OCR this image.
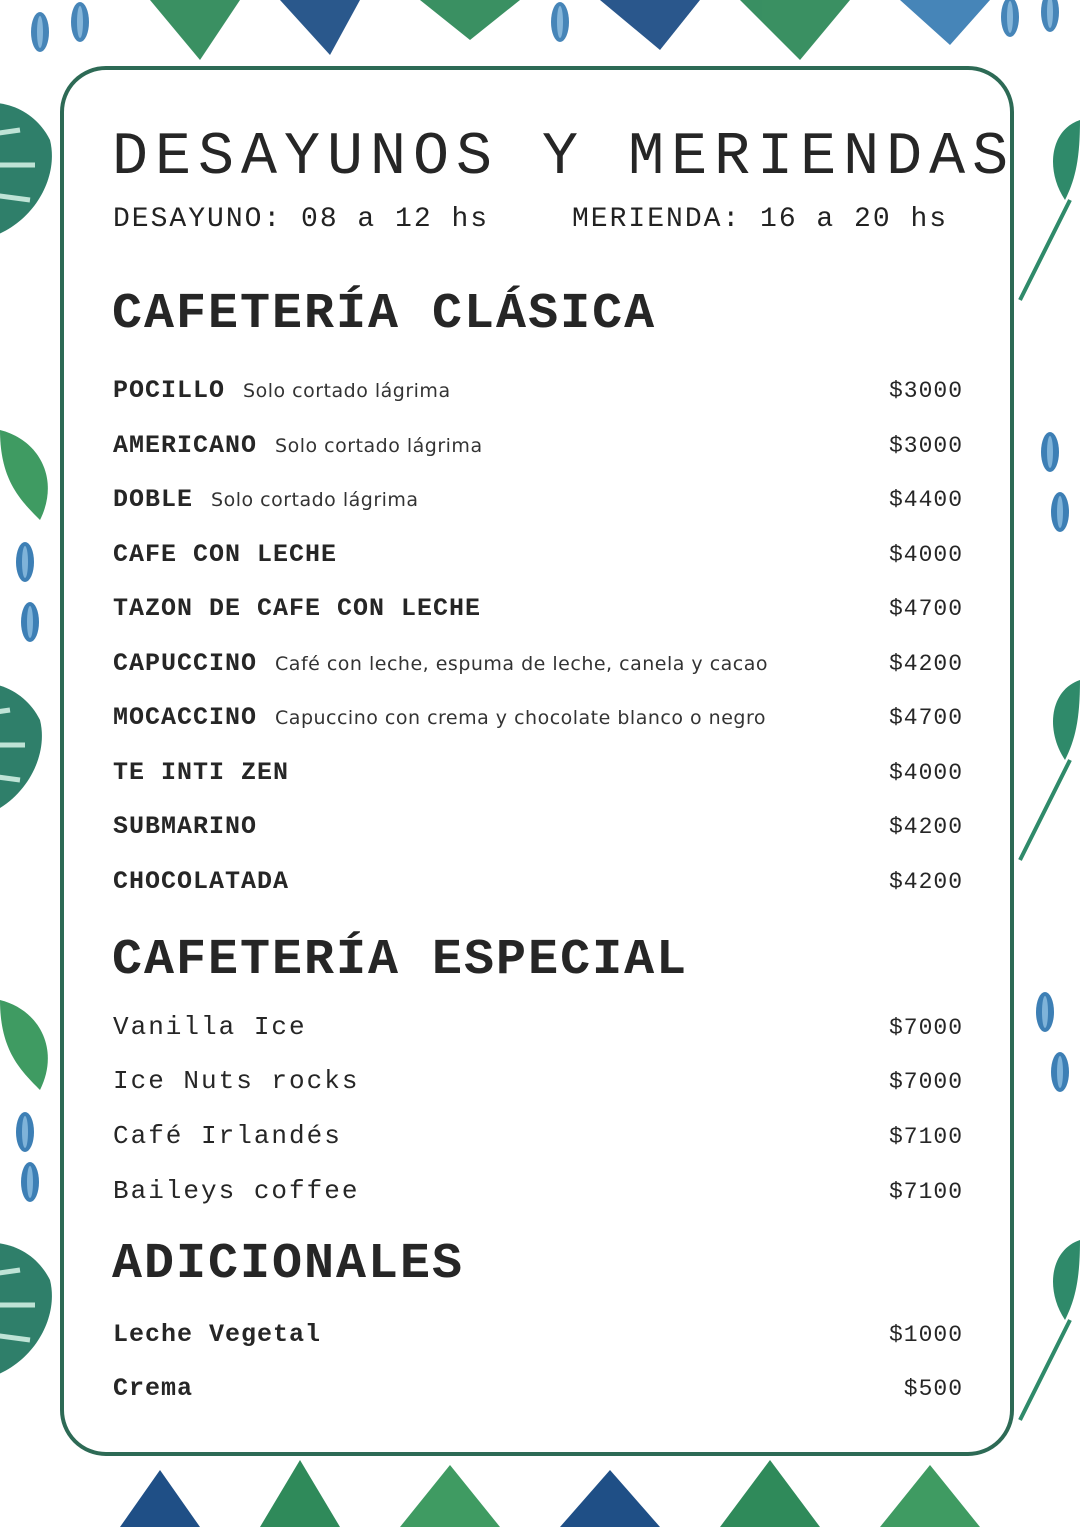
DESAYUNOS Y MERIENDAS
DESAYUNO: 08 a 12 hs	MERIENDA: 16 a 20 hs
CAFETERÍA CLÁSICA
POCILLO Solo cortado lágrima	$3000
AMERICANO Solo cortado lágrima	$3000
DOBLE Solo cortado lágrima	$4400
CAFE CON LECHE	$4000
TAZON DE CAFE CON LECHE	$4700
CAPUCCINO Café con leche, espuma de leche, canela y cacao	$4200
MOCACCINO Capuccino con crema y chocolate blanco o negro	$4700
TE INTI ZEN	$4000
SUBMARINO	$4200
CHOCOLATADA	$4200
CAFETERÍA ESPECIAL
Vanilla Ice	$7000
Ice Nuts rocks	$7000
Café Irlandés	$7100
Baileys coffee	$7100
ADICIONALES
Leche Vegetal	$1000
Crema	$500
